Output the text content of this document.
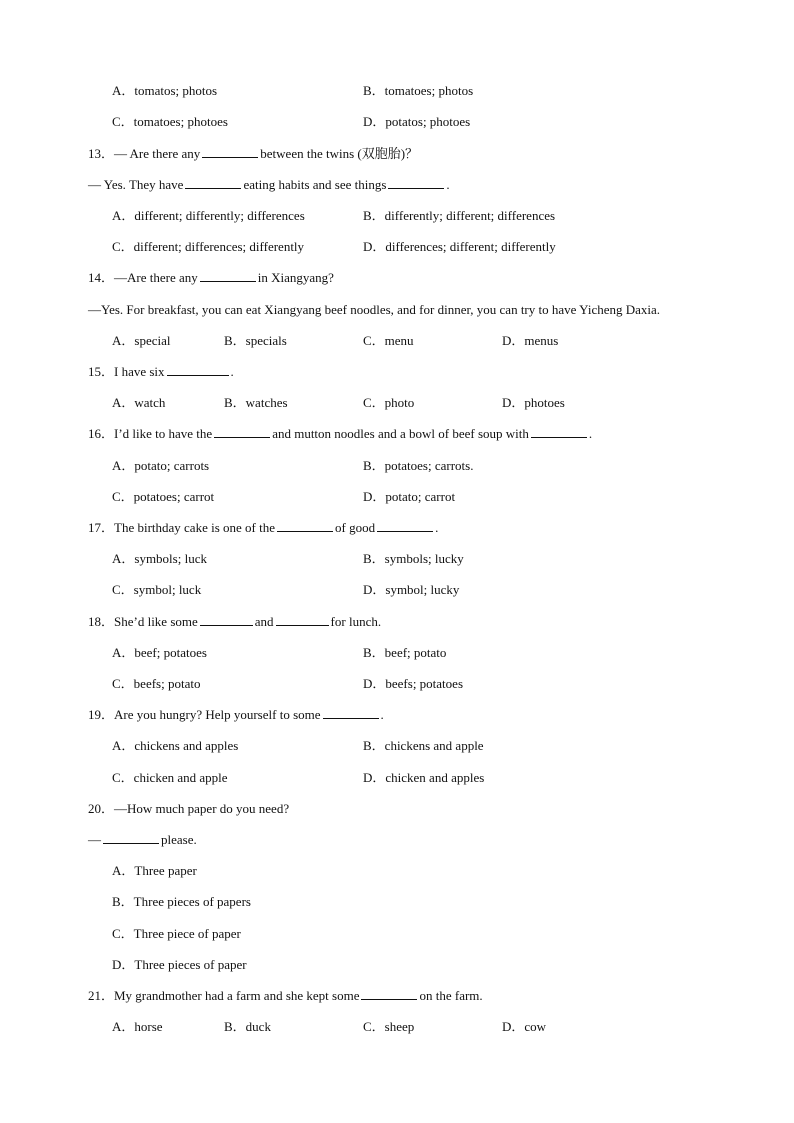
A．tomatos; photos	B．tomatoes; photos
C．tomatoes; photoes	D．potatos; photoes
13．— Are there any	between the twins (双胞胎)？
— Yes. They have	eating habits and see things	.
A．different; differently; differences	B．differently; different; differences
C．different; differences; differently	D．differences; different; differently
14．—Are there any	in Xiangyang?
—Yes. For breakfast, you can eat Xiangyang beef noodles, and for dinner, you can try to have Yicheng Daxia.
A．special	B．specials	C．menu	D．menus
15．I have six	.
A．watch	B．watches	C．photo	D．photoes
16．I’d like to have the	and mutton noodles and a bowl of beef soup with	.
A．potato; carrots	B．potatoes; carrots.
C．potatoes; carrot	D．potato; carrot
17．The birthday cake is one of the	of good	.
A．symbols; luck	B．symbols; lucky
C．symbol; luck	D．symbol; lucky
18．She’d like some	and	for lunch.
A．beef; potatoes	B．beef; potato
C．beefs; potato	D．beefs; potatoes
19．Are you hungry? Help yourself to some	.
A．chickens and apples	B．chickens and apple
C．chicken and apple	D．chicken and apples
20．—How much paper do you need?
—	please.
A．Three paper
B．Three pieces of papers
C．Three piece of paper
D．Three pieces of paper
21．My grandmother had a farm and she kept some	on the farm.
A．horse	B．duck	C．sheep	D．cow
